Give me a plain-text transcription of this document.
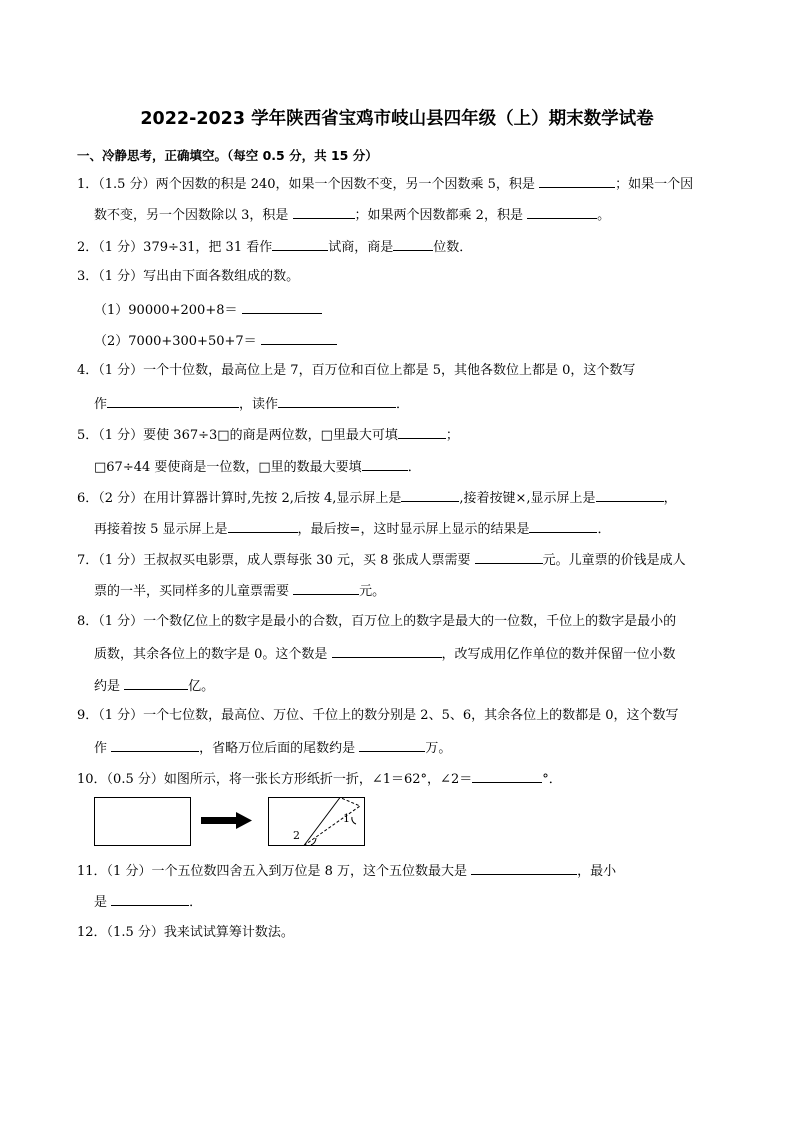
2022-2023 学年陕西省宝鸡市岐山县四年级（上）期末数学试卷
一、冷静思考，正确填空。（每空 0.5 分，共 15 分）
1．（1.5 分）两个因数的积是 240，如果一个因数不变，另一个因数乘 5，积是	；如果一个因
数不变，另一个因数除以 3，积是	；如果两个因数都乘 2，积是	。
2．（1 分）379÷31，把 31 看作	试商，商是	位数．
3．（1 分）写出由下面各数组成的数。
（1）90000+200+8＝
（2）7000+300+50+7＝
4．（1 分）一个十位数，最高位上是 7，百万位和百位上都是 5，其他各数位上都是 0，这个数写
作	，读作	．
5．（1 分）要使 367÷3□的商是两位数，□里最大可填	；
□67÷44 要使商是一位数，□里的数最大要填	．
6．（2 分）在用计算器计算时,先按 2,后按 4,显示屏上是	,接着按键×,显示屏上是	，
再接着按 5 显示屏上是	，最后按=，这时显示屏上显示的结果是	．
7．（1 分）王叔叔买电影票，成人票每张 30 元，买 8 张成人票需要	元。儿童票的价钱是成人
票的一半，买同样多的儿童票需要	元。
8．（1 分）一个数亿位上的数字是最小的合数，百万位上的数字是最大的一位数，千位上的数字是最小的
质数，其余各位上的数字是 0。这个数是	，改写成用亿作单位的数并保留一位小数
约是	亿。
9．（1 分）一个七位数，最高位、万位、千位上的数分别是 2、5、6，其余各位上的数都是 0，这个数写
作	，省略万位后面的尾数约是	万。
10．（0.5 分）如图所示，将一张长方形纸折一折，∠1＝62°，∠2＝	°．
1
2
11．（1 分）一个五位数四舍五入到万位是 8 万，这个五位数最大是	，最小
是	．
12．（1.5 分）我来试试算筹计数法。
